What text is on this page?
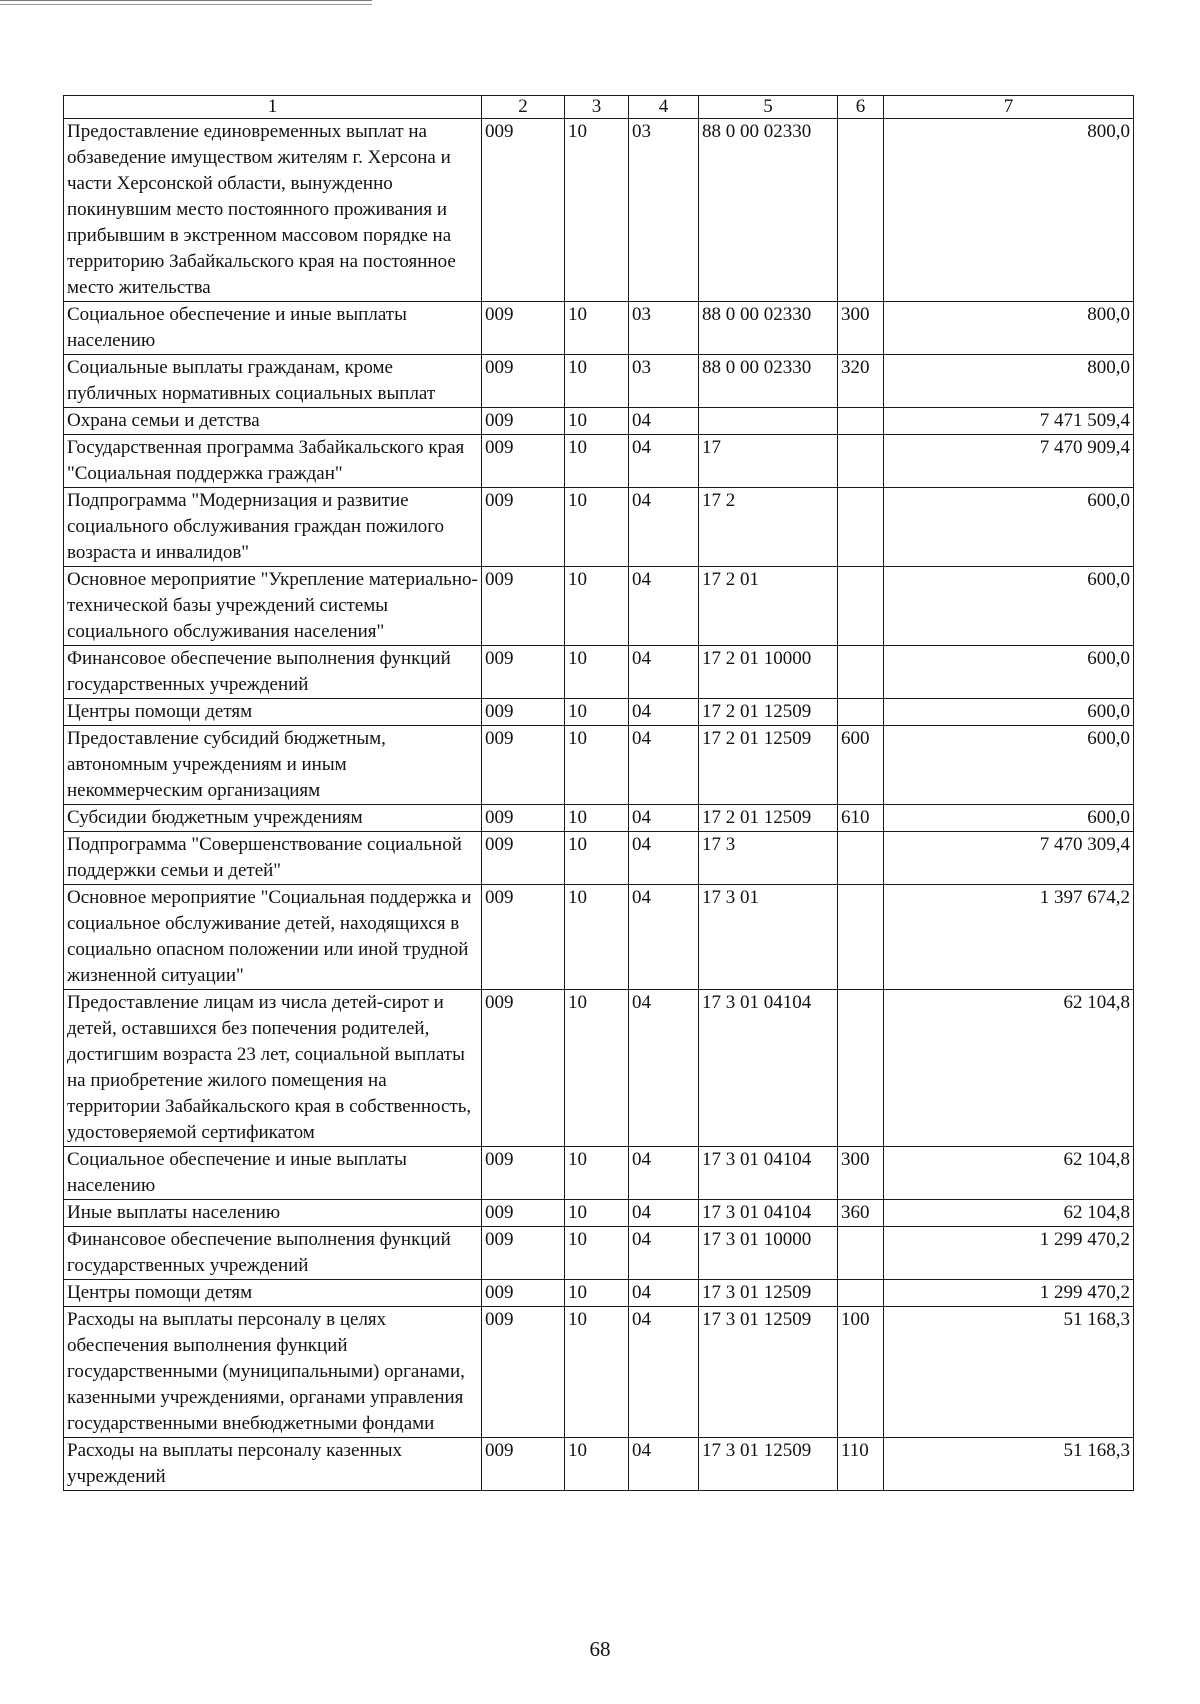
1	2	3	4	5	6	7
Предоставление единовременных выплат на обзаведение имуществом жителям г. Херсона и части Херсонской области, вынужденно покинувшим место постоянного проживания и прибывшим в экстренном массовом порядке на территорию Забайкальского края на постоянное место жительства	009	10	03	88 0 00 02330		800,0
Социальное обеспечение и иные выплаты населению	009	10	03	88 0 00 02330	300	800,0
Социальные выплаты гражданам, кроме публичных нормативных социальных выплат	009	10	03	88 0 00 02330	320	800,0
Охрана семьи и детства	009	10	04			7 471 509,4
Государственная программа Забайкальского края "Социальная поддержка граждан"	009	10	04	17		7 470 909,4
Подпрограмма "Модернизация и развитие социального обслуживания граждан пожилого возраста и инвалидов"	009	10	04	17 2		600,0
Основное мероприятие "Укрепление материально-технической базы учреждений системы социального обслуживания населения"	009	10	04	17 2 01		600,0
Финансовое обеспечение выполнения функций государственных учреждений	009	10	04	17 2 01 10000		600,0
Центры помощи детям	009	10	04	17 2 01 12509		600,0
Предоставление субсидий бюджетным, автономным учреждениям и иным некоммерческим организациям	009	10	04	17 2 01 12509	600	600,0
Субсидии бюджетным учреждениям	009	10	04	17 2 01 12509	610	600,0
Подпрограмма "Совершенствование социальной поддержки семьи и детей"	009	10	04	17 3		7 470 309,4
Основное мероприятие "Социальная поддержка и социальное обслуживание детей, находящихся в социально опасном положении или иной трудной жизненной ситуации"	009	10	04	17 3 01		1 397 674,2
Предоставление лицам из числа детей-сирот и детей, оставшихся без попечения родителей, достигшим возраста 23 лет, социальной выплаты на приобретение жилого помещения на территории Забайкальского края в собственность, удостоверяемой сертификатом	009	10	04	17 3 01 04104		62 104,8
Социальное обеспечение и иные выплаты населению	009	10	04	17 3 01 04104	300	62 104,8
Иные выплаты населению	009	10	04	17 3 01 04104	360	62 104,8
Финансовое обеспечение выполнения функций государственных учреждений	009	10	04	17 3 01 10000		1 299 470,2
Центры помощи детям	009	10	04	17 3 01 12509		1 299 470,2
Расходы на выплаты персоналу в целях обеспечения выполнения функций государственными (муниципальными) органами, казенными учреждениями, органами управления государственными внебюджетными фондами	009	10	04	17 3 01 12509	100	51 168,3
Расходы на выплаты персоналу казенных учреждений	009	10	04	17 3 01 12509	110	51 168,3
68
